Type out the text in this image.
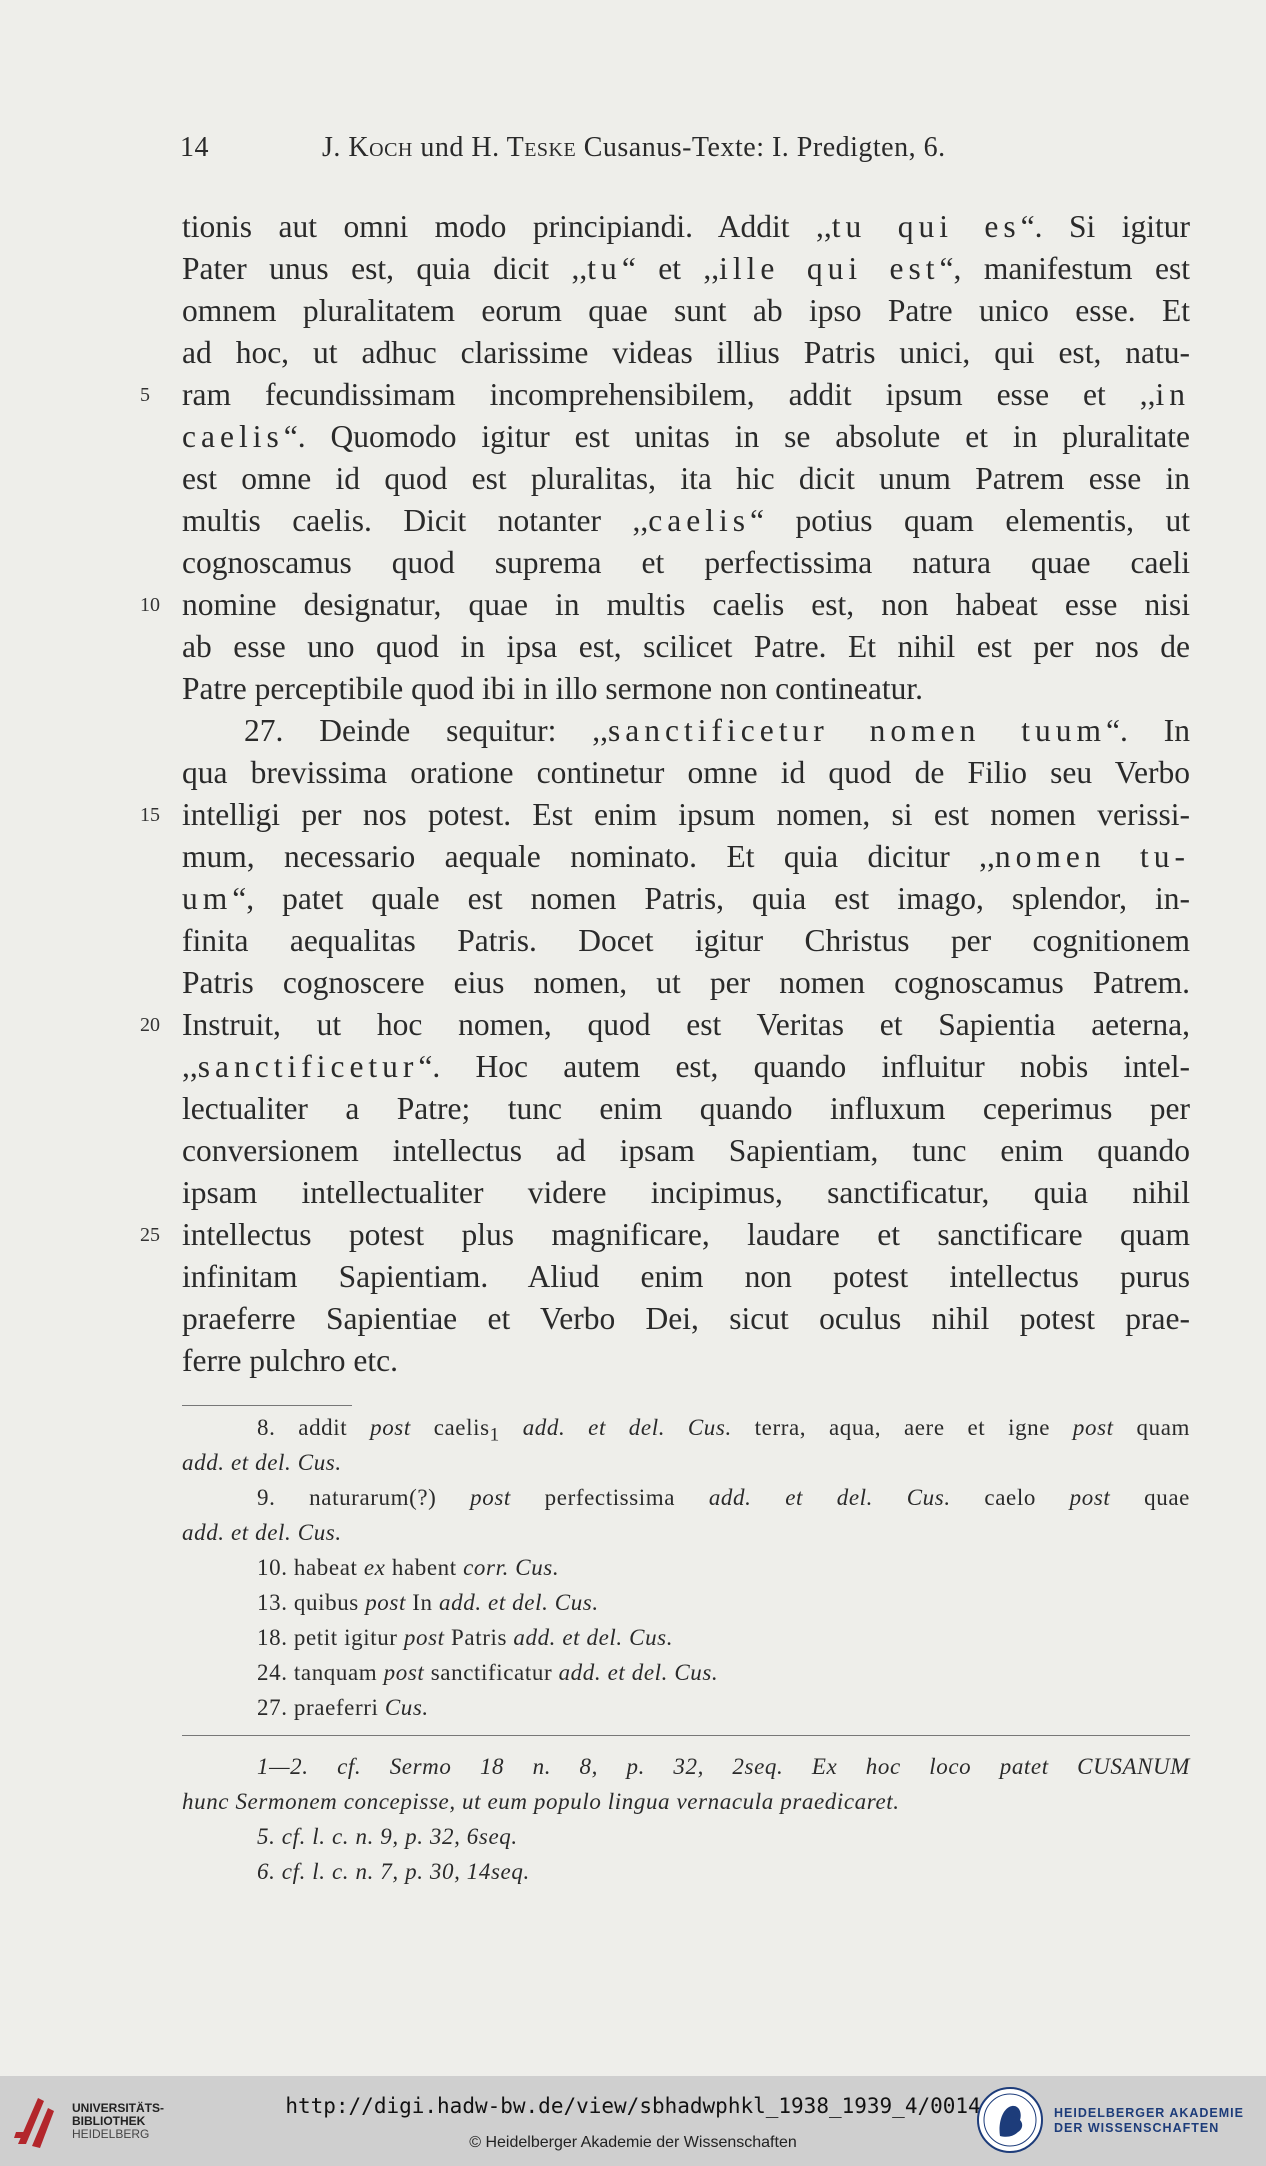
14	J. Koch und H. Teske Cusanus-Texte: I. Predigten, 6.
tionis aut omni modo principiandi. Addit ,,tu qui es“. Si igitur
Pater unus est, quia dicit ,,tu“ et ,,ille qui est“, manifestum est
omnem pluralitatem eorum quae sunt ab ipso Patre unico esse. Et
ad hoc, ut adhuc clarissime videas illius Patris unici, qui est, natu-
ram fecundissimam incomprehensibilem, addit ipsum esse et ,,in
5
caelis“. Quomodo igitur est unitas in se absolute et in pluralitate
est omne id quod est pluralitas, ita hic dicit unum Patrem esse in
multis caelis. Dicit notanter ,,caelis“ potius quam elementis, ut
cognoscamus quod suprema et perfectissima natura quae caeli
nomine designatur, quae in multis caelis est, non habeat esse nisi
10
ab esse uno quod in ipsa est, scilicet Patre. Et nihil est per nos de
Patre perceptibile quod ibi in illo sermone non contineatur.
27. Deinde sequitur: ,,sanctificetur nomen tuum“. In
qua brevissima oratione continetur omne id quod de Filio seu Verbo
intelligi per nos potest. Est enim ipsum nomen, si est nomen verissi-
15
mum, necessario aequale nominato. Et quia dicitur ,,nomen tu-
um“, patet quale est nomen Patris, quia est imago, splendor, in-
finita aequalitas Patris. Docet igitur Christus per cognitionem
Patris cognoscere eius nomen, ut per nomen cognoscamus Patrem.
Instruit, ut hoc nomen, quod est Veritas et Sapientia aeterna,
20
,,sanctificetur“. Hoc autem est, quando influitur nobis intel-
lectualiter a Patre; tunc enim quando influxum ceperimus per
conversionem intellectus ad ipsam Sapientiam, tunc enim quando
ipsam intellectualiter videre incipimus, sanctificatur, quia nihil
intellectus potest plus magnificare, laudare et sanctificare quam
25
infinitam Sapientiam. Aliud enim non potest intellectus purus
praeferre Sapientiae et Verbo Dei, sicut oculus nihil potest prae-
ferre pulchro etc.
8. addit post caelis$_1$ add. et del. Cus. terra, aqua, aere et igne post quam
add. et del. Cus.
9. naturarum(?) post perfectissima add. et del. Cus. caelo post quae
add. et del. Cus.
10. habeat ex habent corr. Cus.
13. quibus post In add. et del. Cus.
18. petit igitur post Patris add. et del. Cus.
24. tanquam post sanctificatur add. et del. Cus.
27. praeferri Cus.
1—2. cf. Sermo 18 n. 8, p. 32, 2seq. Ex hoc loco patet CUSANUM
hunc Sermonem concepisse, ut eum populo lingua vernacula praedicaret.
5. cf. l. c. n. 9, p. 32, 6seq.
6. cf. l. c. n. 7, p. 30, 14seq.
UNIVERSITÄTS-
BIBLIOTHEK
HEIDELBERG
http://digi.hadw-bw.de/view/sbhadwphkl_1938_1939_4/0014
© Heidelberger Akademie der Wissenschaften
HEIDELBERGER AKADEMIE
DER WISSENSCHAFTEN
